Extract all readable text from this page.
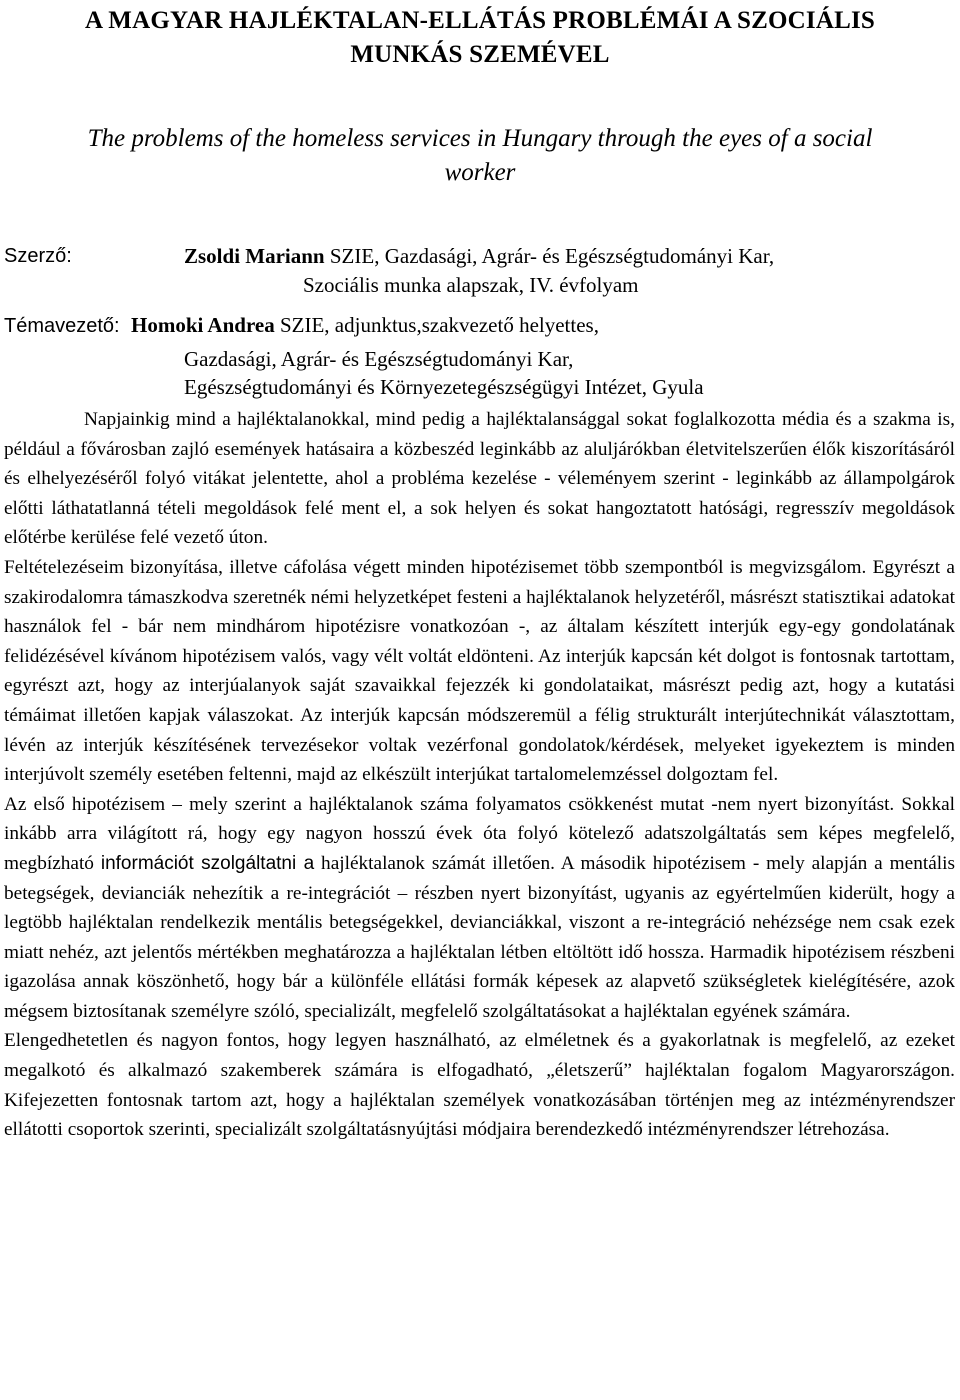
A MAGYAR HAJLÉKTALAN-ELLÁTÁS PROBLÉMÁI A SZOCIÁLIS
MUNKÁS SZEMÉVEL
The problems of the homeless services in Hungary through the eyes of a social
worker
Szerző:	Zsoldi Mariann SZIE, Gazdasági, Agrár- és Egészségtudományi Kar,
Szociális munka alapszak, IV. évfolyam
Témavezető: Homoki Andrea SZIE, adjunktus,szakvezető helyettes,
Gazdasági, Agrár- és Egészségtudományi Kar,
Egészségtudományi és Környezetegészségügyi Intézet, Gyula

Napjainkig mind a hajléktalanokkal, mind pedig a hajléktalansággal sokat foglalkozotta média és a szakma is, például a fővárosban zajló események hatásaira a közbeszéd leginkább az aluljárókban életvitelszerűen élők kiszorításáról és elhelyezéséről folyó vitákat jelentette, ahol a probléma kezelése - véleményem szerint - leginkább az állampolgárok előtti láthatatlanná tételi megoldások felé ment el, a sok helyen és sokat hangoztatott hatósági, regresszív megoldások előtérbe kerülése felé vezető úton.

Feltételezéseim bizonyítása, illetve cáfolása végett minden hipotézisemet több szempontból is megvizsgálom. Egyrészt a szakirodalomra támaszkodva szeretnék némi helyzetképet festeni a hajléktalanok helyzetéről, másrészt statisztikai adatokat használok fel - bár nem mindhárom hipotézisre vonatkozóan -, az általam készített interjúk egy-egy gondolatának felidézésével kívánom hipotézisem valós, vagy vélt voltát eldönteni. Az interjúk kapcsán két dolgot is fontosnak tartottam, egyrészt azt, hogy az interjúalanyok saját szavaikkal fejezzék ki gondolataikat, másrészt pedig azt, hogy a kutatási témáimat illetően kapjak válaszokat. Az interjúk kapcsán módszeremül a félig strukturált interjútechnikát választottam, lévén az interjúk készítésének tervezésekor voltak vezérfonal gondolatok/kérdések, melyeket igyekeztem is minden interjúvolt személy esetében feltenni, majd az elkészült interjúkat tartalomelemzéssel dolgoztam fel.

Az első hipotézisem – mely szerint a hajléktalanok száma folyamatos csökkenést mutat -nem nyert bizonyítást. Sokkal inkább arra világított rá, hogy egy nagyon hosszú évek óta folyó kötelező adatszolgáltatás sem képes megfelelő, megbízható információt szolgáltatni a hajléktalanok számát illetően. A második hipotézisem - mely alapján a mentális betegségek, devianciák nehezítik a re-integrációt – részben nyert bizonyítást, ugyanis az egyértelműen kiderült, hogy a legtöbb hajléktalan rendelkezik mentális betegségekkel, devianciákkal, viszont a re-integráció nehézsége nem csak ezek miatt nehéz, azt jelentős mértékben meghatározza a hajléktalan létben eltöltött idő hossza. Harmadik hipotézisem részbeni igazolása annak köszönhető, hogy bár a különféle ellátási formák képesek az alapvető szükségletek kielégítésére, azok mégsem biztosítanak személyre szóló, specializált, megfelelő szolgáltatásokat a hajléktalan egyének számára.

Elengedhetetlen és nagyon fontos, hogy legyen használható, az elméletnek és a gyakorlatnak is megfelelő, az ezeket megalkotó és alkalmazó szakemberek számára is elfogadható, „életszerű” hajléktalan fogalom Magyarországon. Kifejezetten fontosnak tartom azt, hogy a hajléktalan személyek vonatkozásában történjen meg az intézményrendszer ellátotti csoportok szerinti, specializált szolgáltatásnyújtási módjaira berendezkedő intézményrendszer létrehozása.
